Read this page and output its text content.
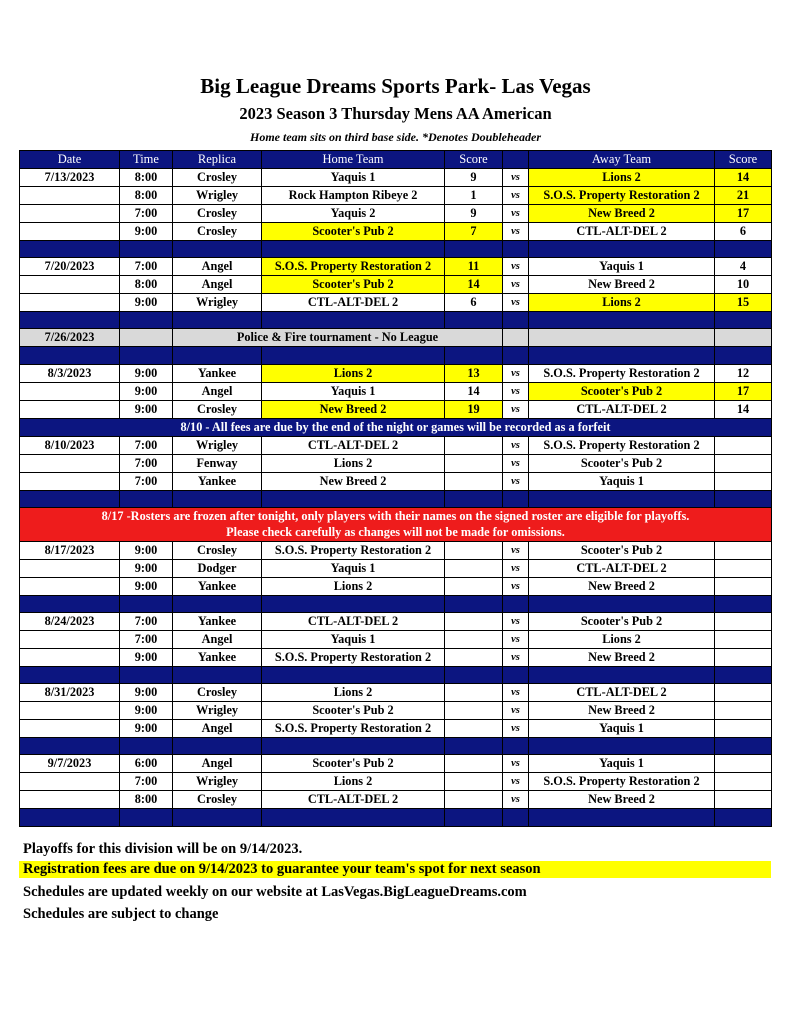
Big League Dreams Sports Park- Las Vegas
2023 Season 3 Thursday Mens AA American
Home team sits on third base side. *Denotes Doubleheader
Date	Time	Replica	Home Team	Score		Away Team	Score
7/13/2023	8:00	Crosley	Yaquis 1	9	vs	Lions 2	14
	8:00	Wrigley	Rock Hampton Ribeye 2	1	vs	S.O.S. Property Restoration 2	21
	7:00	Crosley	Yaquis 2	9	vs	New Breed 2	17
	9:00	Crosley	Scooter's Pub 2	7	vs	CTL-ALT-DEL 2	6

7/20/2023	7:00	Angel	S.O.S. Property Restoration 2	11	vs	Yaquis 1	4
	8:00	Angel	Scooter's Pub 2	14	vs	New Breed 2	10
	9:00	Wrigley	CTL-ALT-DEL 2	6	vs	Lions 2	15

7/26/2023		Police & Fire tournament - No League					

8/3/2023	9:00	Yankee	Lions 2	13	vs	S.O.S. Property Restoration 2	12
	9:00	Angel	Yaquis 1	14	vs	Scooter's Pub 2	17
	9:00	Crosley	New Breed 2	19	vs	CTL-ALT-DEL 2	14
8/10 - All fees are due by the end of the night or games will be recorded as a forfeit							
8/10/2023	7:00	Wrigley	CTL-ALT-DEL 2		vs	S.O.S. Property Restoration 2	
	7:00	Fenway	Lions 2		vs	Scooter's Pub 2	
	7:00	Yankee	New Breed 2		vs	Yaquis 1	

8/17 -Rosters are frozen after tonight, only players with their names on the signed roster are eligible for playoffs.
Please check carefully as changes will not be made for omissions.							

8/17/2023	9:00	Crosley	S.O.S. Property Restoration 2		vs	Scooter's Pub 2	
	9:00	Dodger	Yaquis 1		vs	CTL-ALT-DEL 2	
	9:00	Yankee	Lions 2		vs	New Breed 2	

8/24/2023	7:00	Yankee	CTL-ALT-DEL 2		vs	Scooter's Pub 2	
	7:00	Angel	Yaquis 1		vs	Lions 2	
	9:00	Yankee	S.O.S. Property Restoration 2		vs	New Breed 2	

8/31/2023	9:00	Crosley	Lions 2		vs	CTL-ALT-DEL 2	
	9:00	Wrigley	Scooter's Pub 2		vs	New Breed 2	
	9:00	Angel	S.O.S. Property Restoration 2		vs	Yaquis 1	

9/7/2023	6:00	Angel	Scooter's Pub 2		vs	Yaquis 1	
	7:00	Wrigley	Lions 2		vs	S.O.S. Property Restoration 2	
	8:00	Crosley	CTL-ALT-DEL 2		vs	New Breed 2	

Playoffs for this division will be on 9/14/2023.
Registration fees are due on 9/14/2023 to guarantee your team's spot for next season
Schedules are updated weekly on our website at LasVegas.BigLeagueDreams.com
Schedules are subject to change
